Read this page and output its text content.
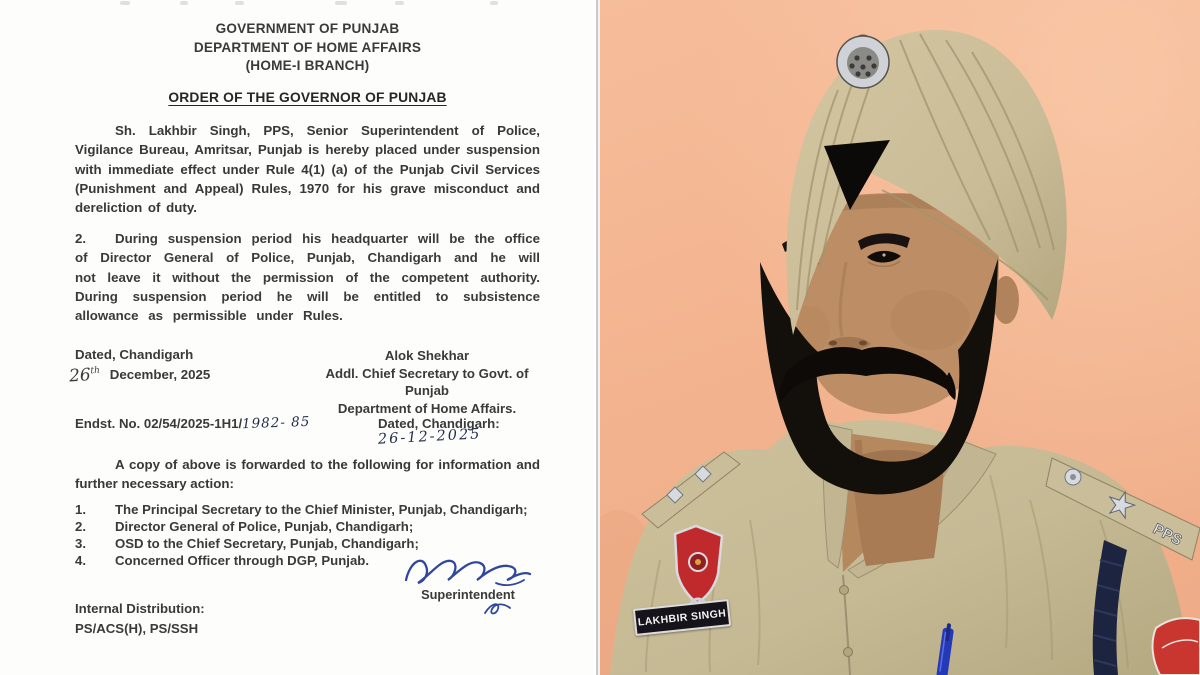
GOVERNMENT OF PUNJAB
DEPARTMENT OF HOME AFFAIRS
(HOME-I BRANCH)
ORDER OF THE GOVERNOR OF PUNJAB
Sh. Lakhbir Singh, PPS, Senior Superintendent of Police, Vigilance Bureau, Amritsar, Punjab is hereby placed under suspension with immediate effect under Rule 4(1) (a) of the Punjab Civil Services (Punishment and Appeal) Rules, 1970 for his grave misconduct and dereliction of duty.
2. During suspension period his headquarter will be the office of Director General of Police, Punjab, Chandigarh and he will not leave it without the permission of the competent authority. During suspension period he will be entitled to subsistence allowance as permissible under Rules.
Dated, Chandigarh
26th December, 2025
Alok Shekhar
Addl. Chief Secretary to Govt. of Punjab
Department of Home Affairs.
Endst. No. 02/54/2025-1H1/1982- 85	Dated, Chandigarh: 26-12-2025
A copy of above is forwarded to the following for information and further necessary action:
1.	The Principal Secretary to the Chief Minister, Punjab, Chandigarh;
2.	Director General of Police, Punjab, Chandigarh;
3.	OSD to the Chief Secretary, Punjab, Chandigarh;
4.	Concerned Officer through DGP, Punjab.
Superintendent
Internal Distribution:
PS/ACS(H), PS/SSH
★
PPS
LAKHBIR SINGH
